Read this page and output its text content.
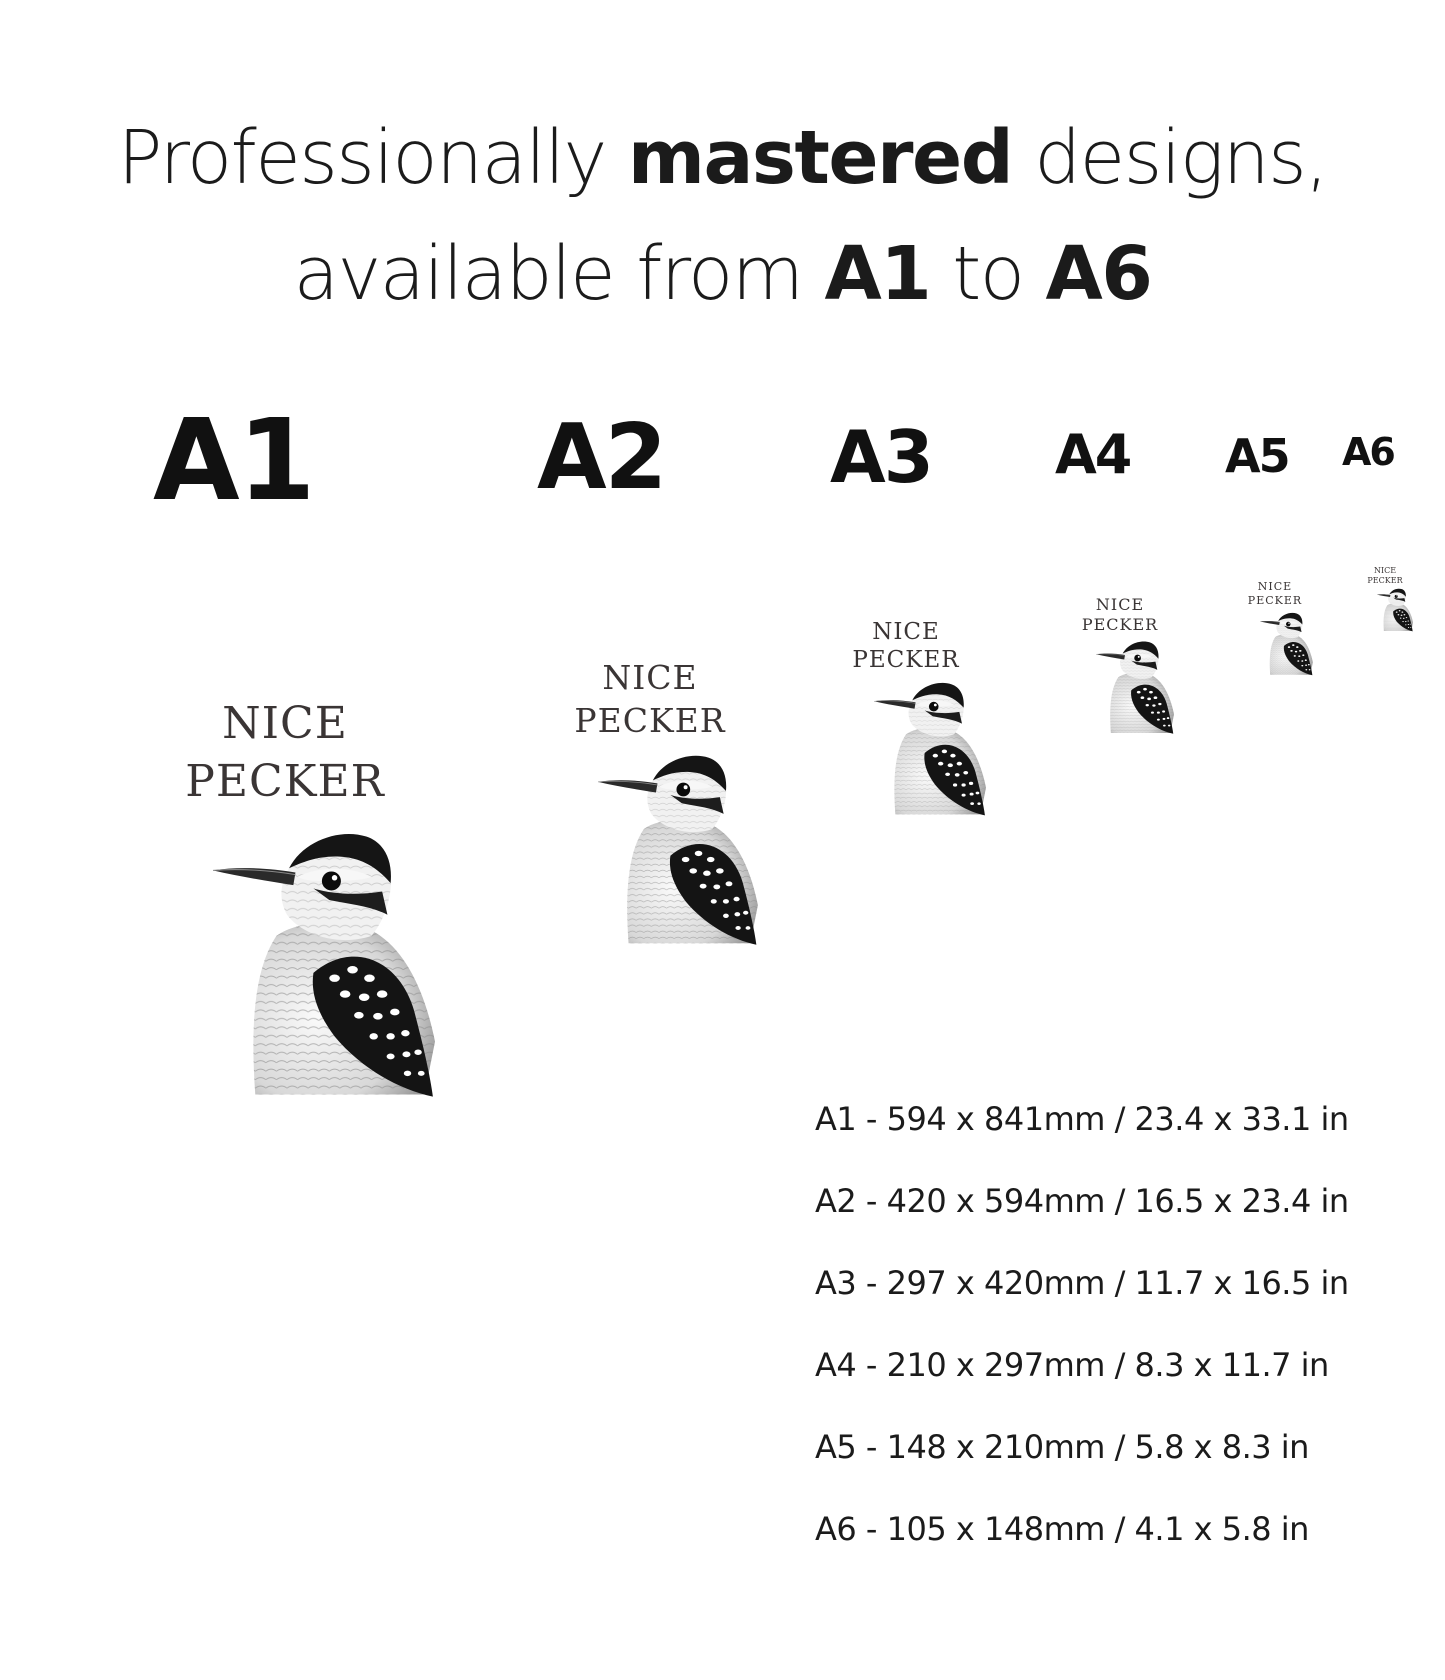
Professionally mastered designs,
available from A1 to A6
A1 A2 A3 A4 A5 A6
NICE
PECKER
NICE
PECKER
NICE
PECKER
NICE
PECKER
NICE
PECKER
NICE
PECKER
A1 - 594 x 841mm / 23.4 x 33.1 in
A2 - 420 x 594mm / 16.5 x 23.4 in
A3 - 297 x 420mm / 11.7 x 16.5 in
A4 - 210 x 297mm / 8.3 x 11.7 in
A5 - 148 x 210mm / 5.8 x 8.3 in
A6 - 105 x 148mm / 4.1 x 5.8 in
